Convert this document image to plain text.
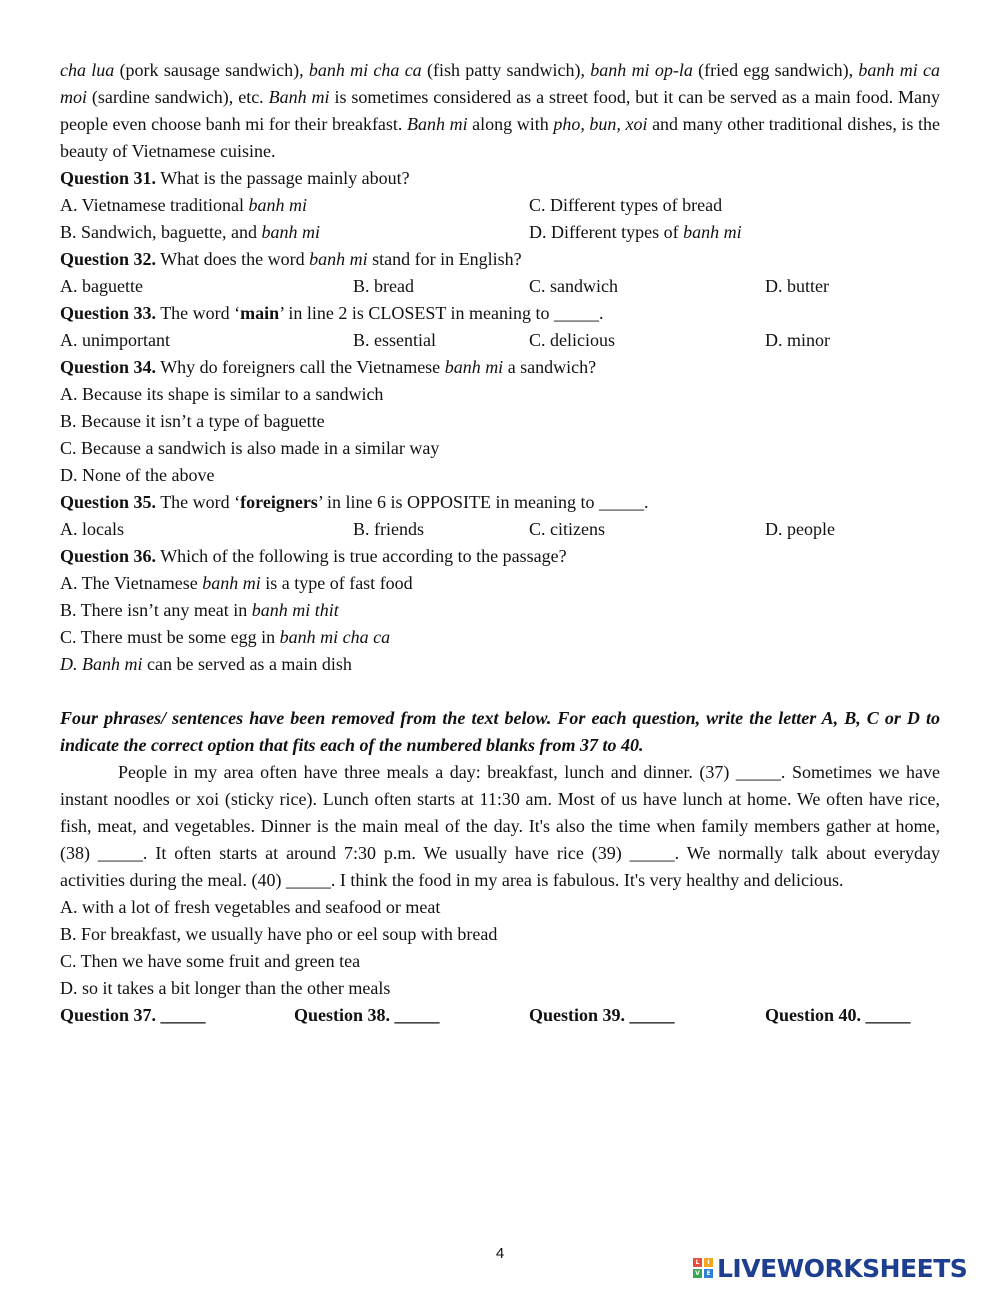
cha lua (pork sausage sandwich), banh mi cha ca (fish patty sandwich), banh mi op-la (fried egg sandwich), banh mi ca moi (sardine sandwich), etc. Banh mi is sometimes considered as a street food, but it can be served as a main food. Many people even choose banh mi for their breakfast. Banh mi along with pho, bun, xoi and many other traditional dishes, is the beauty of Vietnamese cuisine.

Question 31. What is the passage mainly about?
A. Vietnamese traditional banh mi	C. Different types of bread
B. Sandwich, baguette, and banh mi	D. Different types of banh mi
Question 32. What does the word banh mi stand for in English?
A. baguette	B. bread	C. sandwich	D. butter
Question 33. The word ‘main’ in line 2 is CLOSEST in meaning to _____.
A. unimportant	B. essential	C. delicious	D. minor
Question 34. Why do foreigners call the Vietnamese banh mi a sandwich?
A. Because its shape is similar to a sandwich
B. Because it isn’t a type of baguette
C. Because a sandwich is also made in a similar way
D. None of the above
Question 35. The word ‘foreigners’ in line 6 is OPPOSITE in meaning to _____.
A. locals	B. friends	C. citizens	D. people
Question 36. Which of the following is true according to the passage?
A. The Vietnamese banh mi is a type of fast food
B. There isn’t any meat in banh mi thit
C. There must be some egg in banh mi cha ca
D. Banh mi can be served as a main dish

Four phrases/ sentences have been removed from the text below. For each question, write the letter A, B, C or D to indicate the correct option that fits each of the numbered blanks from 37 to 40.

People in my area often have three meals a day: breakfast, lunch and dinner. (37) _____. Sometimes we have instant noodles or xoi (sticky rice). Lunch often starts at 11:30 am. Most of us have lunch at home. We often have rice, fish, meat, and vegetables. Dinner is the main meal of the day. It's also the time when family members gather at home, (38) _____. It often starts at around 7:30 p.m. We usually have rice (39) _____. We normally talk about everyday activities during the meal. (40) _____. I think the food in my area is fabulous. It's very healthy and delicious.

A. with a lot of fresh vegetables and seafood or meat
B. For breakfast, we usually have pho or eel soup with bread
C. Then we have some fruit and green tea
D. so it takes a bit longer than the other meals
Question 37. _____	Question 38. _____	Question 39. _____	Question 40. _____
4
L	I
V	E LIVEWORKSHEETS
